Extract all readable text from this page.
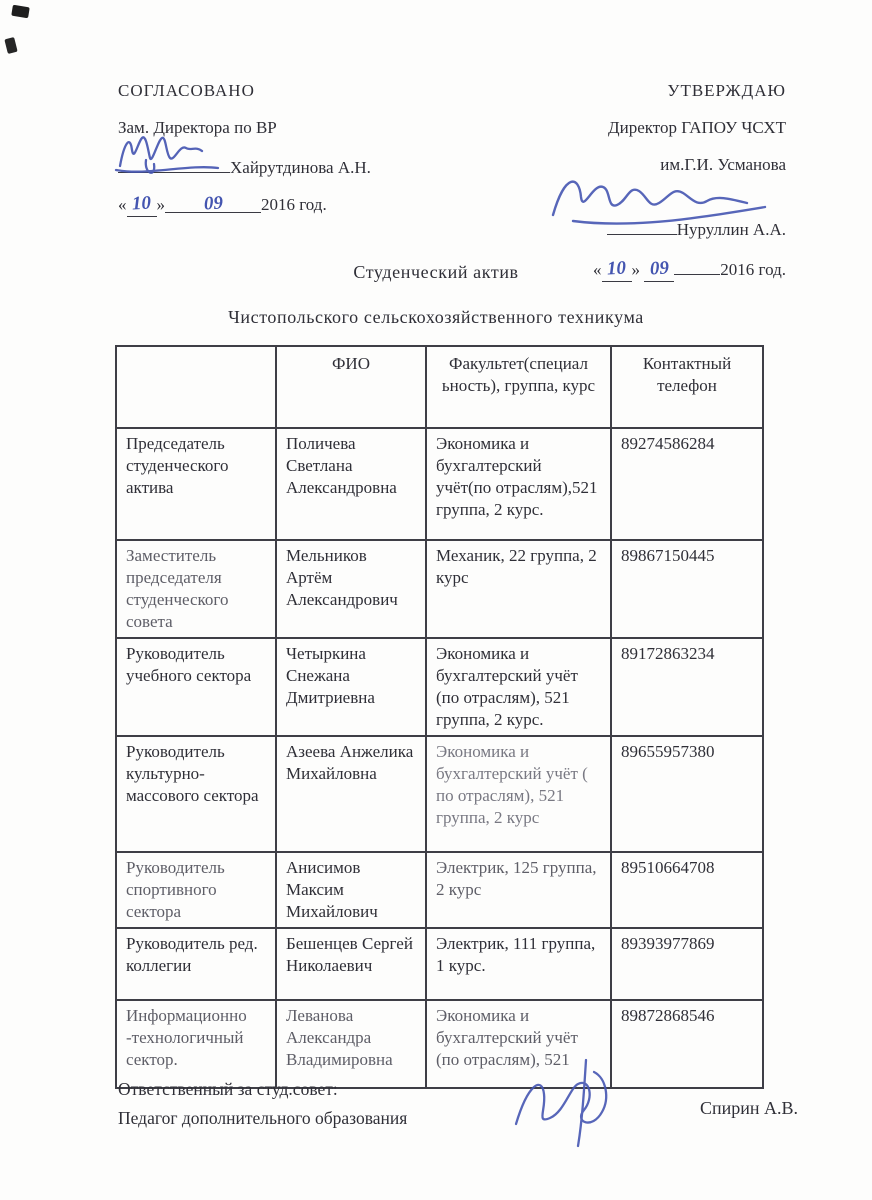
СОГЛАСОВАНО
Зам. Директора по ВР
Хайрутдинова А.Н.
« 10 » 09 2016 год.
УТВЕРЖДАЮ
Директор ГАПОУ ЧСХТ
им.Г.И. Усманова
Нуруллин А.А.
« 10 » 09	2016 год.
Студенческий актив
Чистопольского сельскохозяйственного техникума
	ФИО	Факультет(специал ьность), группа, курс	Контактный телефон
Председатель студенческого актива	Поличева Светлана Александровна	Экономика и бухгалтерский учёт(по отраслям),521 группа, 2 курс.	89274586284
Заместитель председателя студенческого совета	Мельников Артём Александрович	Механик, 22 группа, 2 курс	89867150445
Руководитель учебного сектора	Четыркина Снежана Дмитриевна	Экономика и бухгалтерский учёт (по отраслям), 521 группа, 2 курс.	89172863234
Руководитель культурно-массового сектора	Азеева Анжелика Михайловна	Экономика и бухгалтерский учёт ( по отраслям), 521 группа, 2 курс	89655957380
Руководитель спортивного сектора	Анисимов Максим Михайлович	Электрик, 125 группа, 2 курс	89510664708
Руководитель ред. коллегии	Бешенцев Сергей Николаевич	Электрик, 111 группа, 1 курс.	89393977869
Информационно -технологичный сектор.	Леванова Александра Владимировна	Экономика и бухгалтерский учёт (по отраслям), 521	89872868546
Ответственный за студ.совет:
Педагог дополнительного образования	Спирин А.В.
